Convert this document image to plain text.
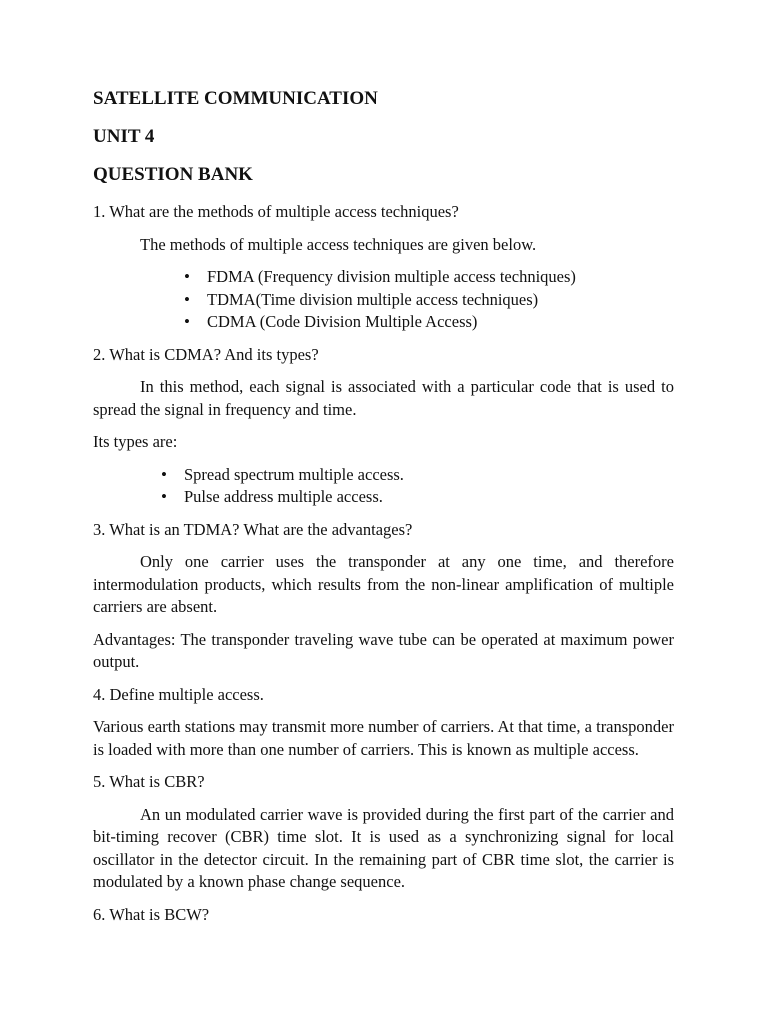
SATELLITE COMMUNICATION
UNIT 4
QUESTION BANK

1. What are the methods of multiple access techniques?

The methods of multiple access techniques are given below.

• FDMA (Frequency division multiple access techniques)
• TDMA(Time division multiple access techniques)
• CDMA (Code Division Multiple Access)

2. What is CDMA? And its types?

In this method, each signal is associated with a particular code that is used to spread the signal in frequency and time.

Its types are:

• Spread spectrum multiple access.
• Pulse address multiple access.

3. What is an TDMA? What are the advantages?

Only one carrier uses the transponder at any one time, and therefore intermodulation products, which results from the non-linear amplification of multiple carriers are absent.

Advantages: The transponder traveling wave tube can be operated at maximum power output.

4. Define multiple access.

Various earth stations may transmit more number of carriers. At that time, a transponder is loaded with more than one number of carriers. This is known as multiple access.

5. What is CBR?

An un modulated carrier wave is provided during the first part of the carrier and bit-timing recover (CBR) time slot. It is used as a synchronizing signal for local oscillator in the detector circuit. In the remaining part of CBR time slot, the carrier is modulated by a known phase change sequence.

6. What is BCW?
